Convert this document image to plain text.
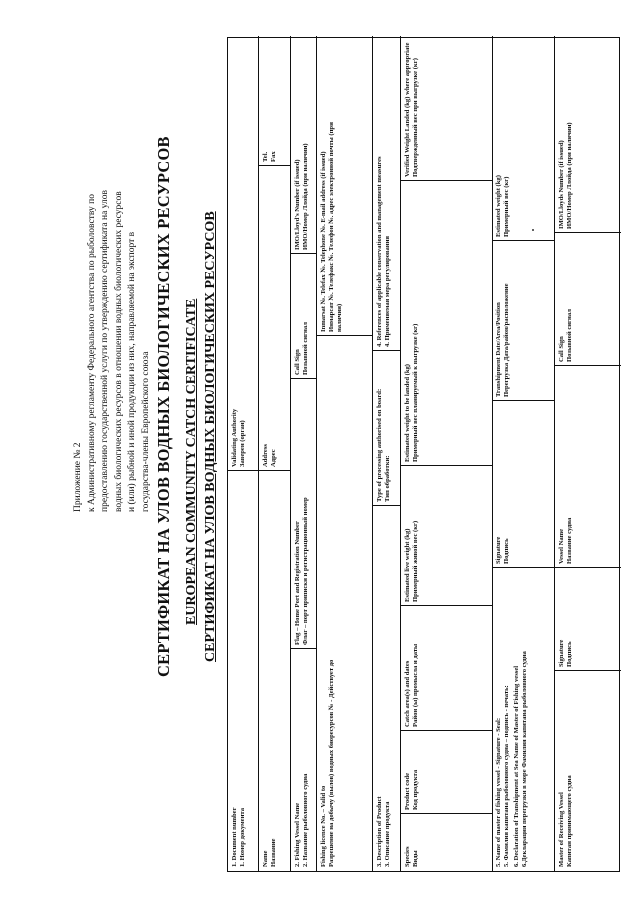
Приложение № 2 к Административному регламенту Федерального агентства по рыболовству по предоставлению государственной услуги по утверждению сертификата на улов водных биологических ресурсов в отношении водных биологических ресурсов и (или) рыбной и иной продукции из них, направляемой на экспорт в государства-члены Европейского союза СЕРТИФИКАТ НА УЛОВ ВОДНЫХ БИОЛОГИЧЕСКИХ РЕСУРСОВ EUROPEAN COMMUNITY CATCH CERTIFICATE СЕРТИФИКАТ НА УЛОВ ВОДНЫХ БИОЛОГИЧЕСКИХ РЕСУРСОВ
1. Document number 1. Номер документа
Validating Authority Заверен (орган)
Name Название
Address Адрес
Tel. Fax
2. Fishing Vessel Name 2. Название рыболовного судна
Flag – Home Port and Registration Number Флаг – порт приписки и регистрационный номер
Call Sign Позывной сигнал
IMO/Lloyd's Number (if issued) ИМО/Номер Ллойда (при наличии)
Fishing licence No. – Valid to Разрешение на добычу (вылов) водных биоресурсов № - Действует до
Inmarsat №. Telefax №. Telephone №. E-mail address (if issued) Инмарсат №. Телефакс №. Телефон №. адрес электронной почты (при наличии)
3. Description of Product 3. Описание продукта
Type of processing authorised on board: Тип обработки:
4. References of applicable conservation and management measures 4. Применяемая мера регулирования
Species Виды
Product code Код продукта
Catch area(s) and dates Район (ы) промысла и даты
Estimated live weight (kg) Примерный живой вес (кг)
Estimated weight to be landed (kg) Примерный вес планируемый к выгрузке (кг)
Verified Weight Landed (kg) where appropriate Подтвержденный вес при выгрузке (кг)
5. Name of master of fishing vessel - Signature - Seal: 5. Фамилия капитана рыболовного судна – подпись - печать: 6. Declaration of Transhipment at Sea Name of Master of Fishing vessel 6.Декларация перегрузки в море Фамилия капитана рыболовного судна
Transhipment Date/Area/Position Перегрузка Дата/район/расположение
Signature Подпись
Estimated weight (kg) Примерный вес (кг)
Master of Receiving Vessel Капитан принимающего судна
Signature Подпись
Vessel Name Название судна
Call Sign Позывной сигнал
IMO/Lloyds Number (if issued) ИМО/Номер Ллойда (при наличии)
